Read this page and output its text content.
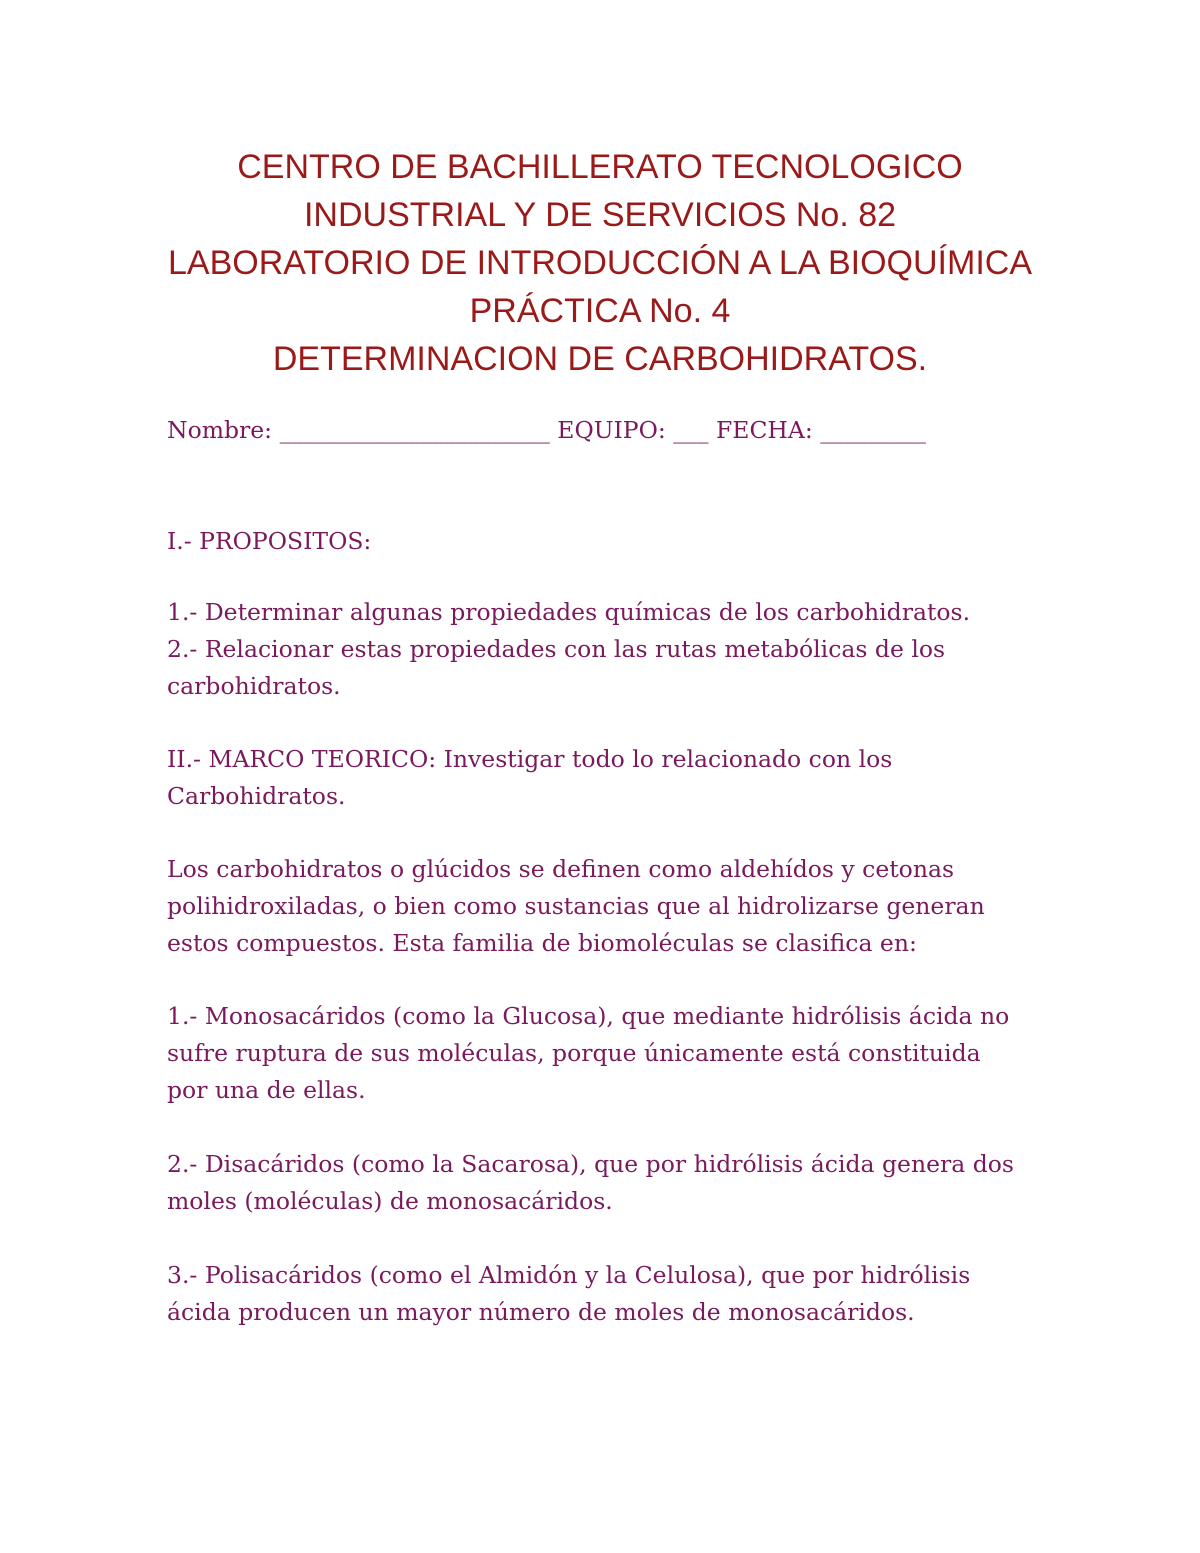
CENTRO DE BACHILLERATO TECNOLOGICO
INDUSTRIAL Y DE SERVICIOS No. 82
LABORATORIO DE INTRODUCCIÓN A LA BIOQUÍMICA
PRÁCTICA No. 4
DETERMINACION DE CARBOHIDRATOS.

Nombre: _______________________ EQUIPO: ___ FECHA: _________

I.- PROPOSITOS:

1.- Determinar algunas propiedades químicas de los carbohidratos.

2.- Relacionar estas propiedades con las rutas metabólicas de los

carbohidratos.

II.- MARCO TEORICO: Investigar todo lo relacionado con los

Carbohidratos.

Los carbohidratos o glúcidos se definen como aldehídos y cetonas

polihidroxiladas, o bien como sustancias que al hidrolizarse generan

estos compuestos. Esta familia de biomoléculas se clasifica en:

1.- Monosacáridos (como la Glucosa), que mediante hidrólisis ácida no

sufre ruptura de sus moléculas, porque únicamente está constituida

por una de ellas.

2.- Disacáridos (como la Sacarosa), que por hidrólisis ácida genera dos

moles (moléculas) de monosacáridos.

3.- Polisacáridos (como el Almidón y la Celulosa), que por hidrólisis

ácida producen un mayor número de moles de monosacáridos.
